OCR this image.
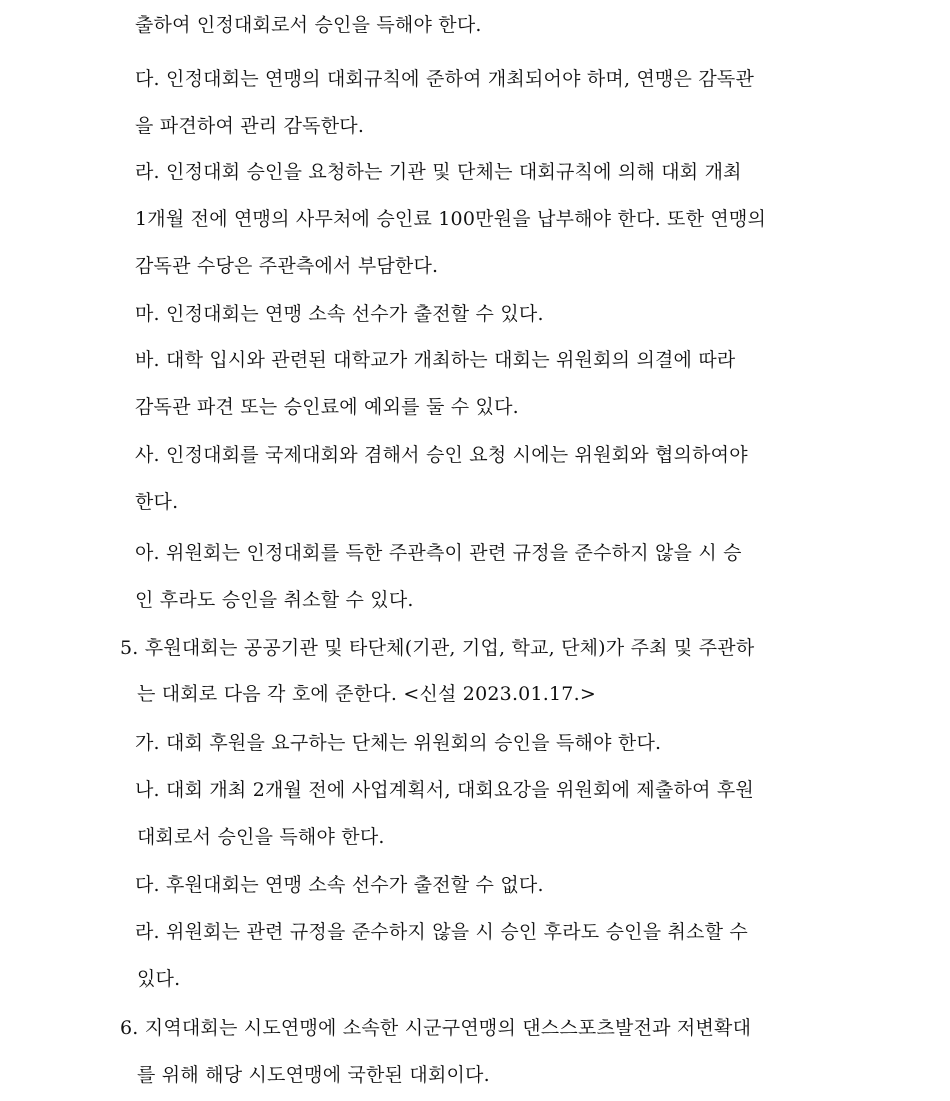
출하여 인정대회로서 승인을 득해야 한다.
다. 인정대회는 연맹의 대회규칙에 준하여 개최되어야 하며, 연맹은 감독관
을 파견하여 관리 감독한다.
라. 인정대회 승인을 요청하는 기관 및 단체는 대회규칙에 의해 대회 개최
1개월 전에 연맹의 사무처에 승인료 100만원을 납부해야 한다. 또한 연맹의
감독관 수당은 주관측에서 부담한다.
마. 인정대회는 연맹 소속 선수가 출전할 수 있다.
바. 대학 입시와 관련된 대학교가 개최하는 대회는 위원회의 의결에 따라
감독관 파견 또는 승인료에 예외를 둘 수 있다.
사. 인정대회를 국제대회와 겸해서 승인 요청 시에는 위원회와 협의하여야
한다.
아. 위원회는 인정대회를 득한 주관측이 관련 규정을 준수하지 않을 시 승
인 후라도 승인을 취소할 수 있다.
5. 후원대회는 공공기관 및 타단체(기관, 기업, 학교, 단체)가 주최 및 주관하
는 대회로 다음 각 호에 준한다. <신설 2023.01.17.>
가. 대회 후원을 요구하는 단체는 위원회의 승인을 득해야 한다.
나. 대회 개최 2개월 전에 사업계획서, 대회요강을 위원회에 제출하여 후원
대회로서 승인을 득해야 한다.
다. 후원대회는 연맹 소속 선수가 출전할 수 없다.
라. 위원회는 관련 규정을 준수하지 않을 시 승인 후라도 승인을 취소할 수
있다.
6. 지역대회는 시도연맹에 소속한 시군구연맹의 댄스스포츠발전과 저변확대
를 위해 해당 시도연맹에 국한된 대회이다.
